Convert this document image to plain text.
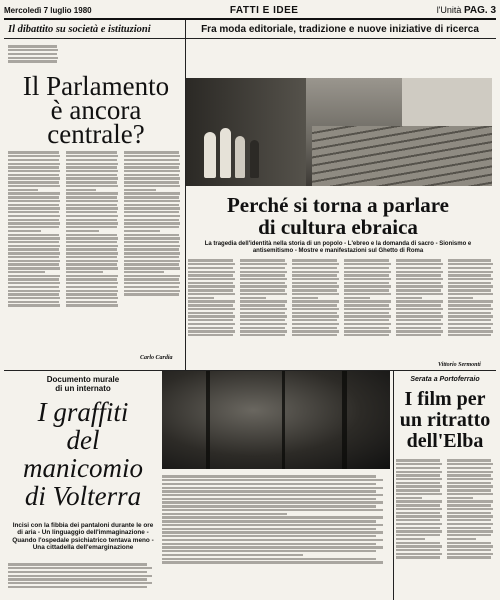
Mercoledì 7 luglio 1980	FATTI E IDEE	l'Unità PAG. 3
Il dibattito su società e istituzioni	Fra moda editoriale, tradizione e nuove iniziative di ricerca
Il Parlamento
è ancora
centrale?
Carlo Cardia
Perché si torna a parlare
di cultura ebraica
La tragedia dell'identità nella storia di un popolo - L'ebreo e la domanda di sacro - Sionismo e antisemitismo - Mostre e manifestazioni sul Ghetto di Roma
Vittorio Sermonti
Documento murale
di un internato
I graffiti
del
manicomio
di Volterra
Incisi con la fibbia dei pantaloni durante le ore di aria - Un linguaggio dell'immaginazione - Quando l'ospedale psichiatrico tentava meno - Una cittadella dell'emarginazione
Serata a Portoferraio
I film per
un ritratto
dell'Elba
